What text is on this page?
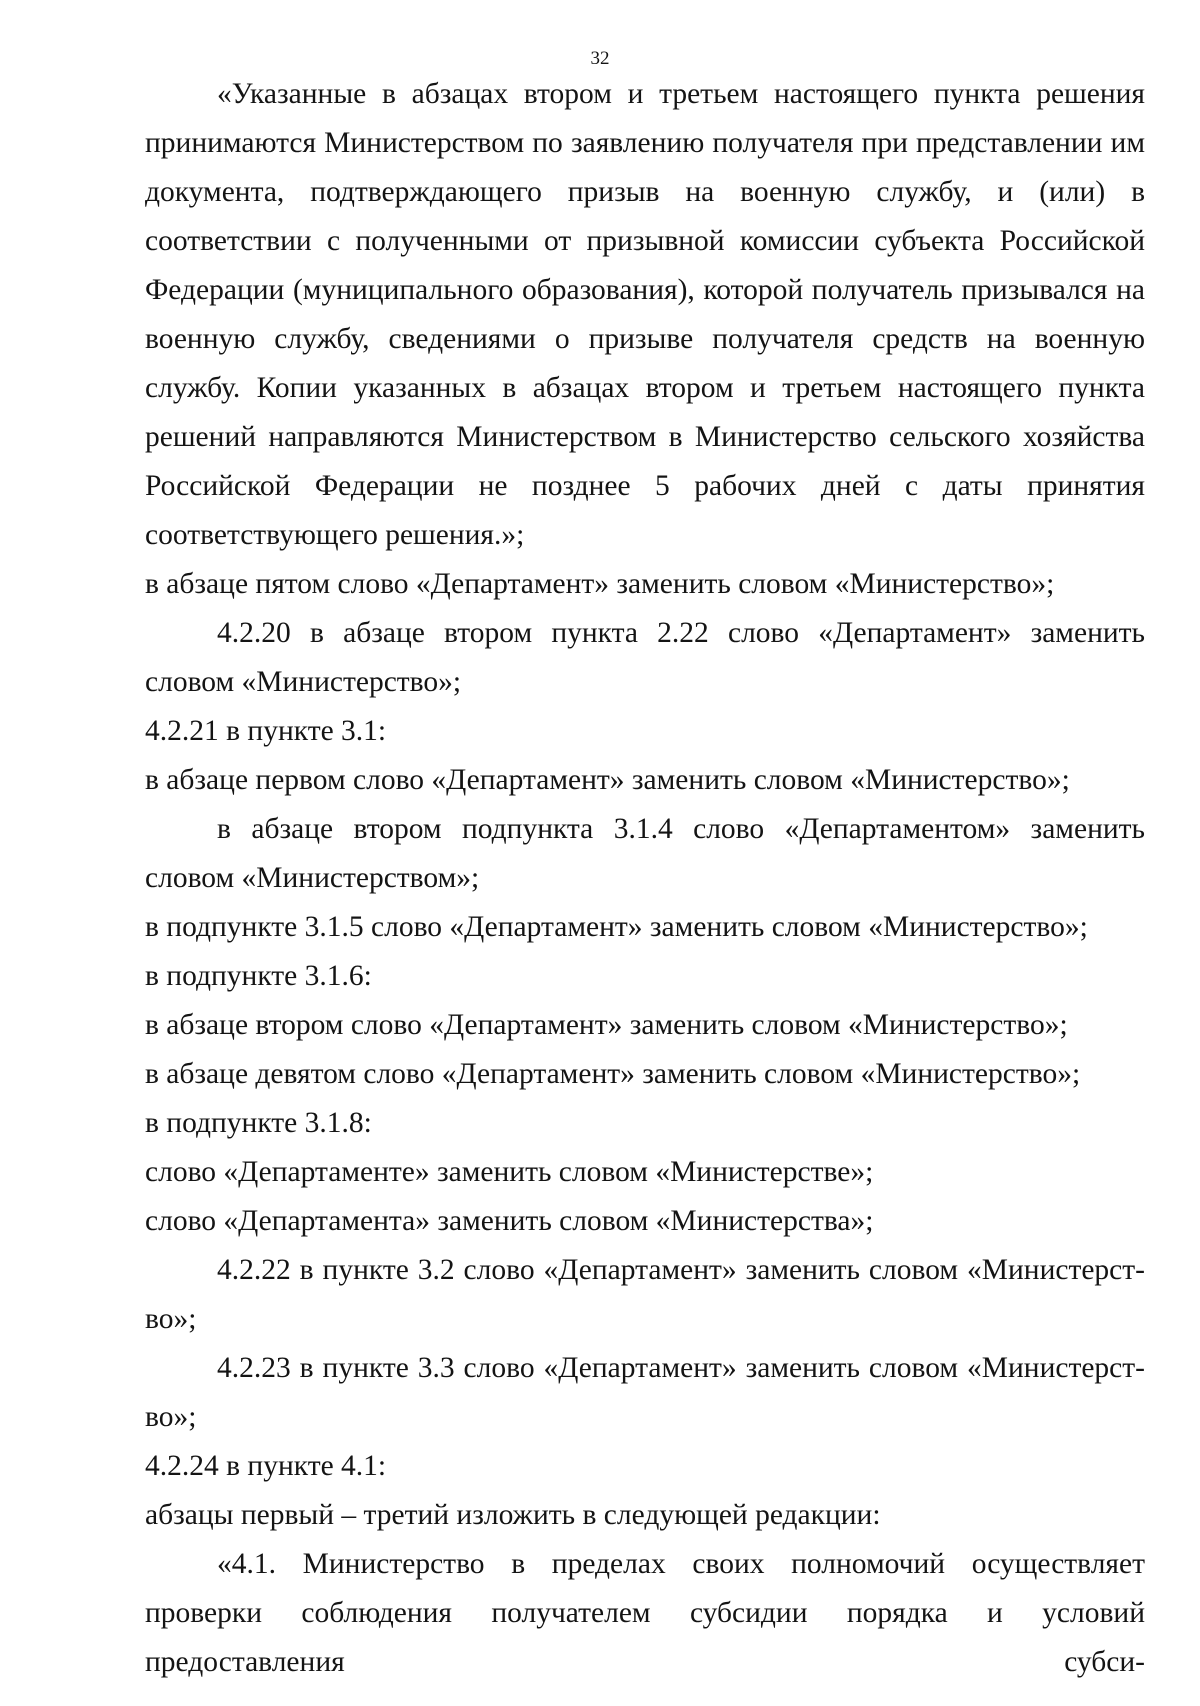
32

«Указанные в абзацах втором и третьем настоящего пункта решения принимаются Министерством по заявлению получателя при представлении им документа, подтверждающего призыв на военную службу, и (или) в соответствии с полученными от призывной комиссии субъекта Российской Федерации (муниципального образования), которой получатель призывался на военную службу, сведениями о призыве получателя средств на военную службу. Копии указанных в абзацах втором и третьем настоящего пункта решений направляются Министерством в Министерство сельского хозяйства Российской Федерации не позднее 5 рабочих дней с даты принятия соответствующего решения.»;

в абзаце пятом слово «Департамент» заменить словом «Министерство»;

4.2.20 в абзаце втором пункта 2.22 слово «Департамент» заменить словом «Министерство»;

4.2.21 в пункте 3.1:

в абзаце первом слово «Департамент» заменить словом «Министерство»;

в абзаце втором подпункта 3.1.4 слово «Департаментом» заменить словом «Министерством»;

в подпункте 3.1.5 слово «Департамент» заменить словом «Министерство»;

в подпункте 3.1.6:

в абзаце втором слово «Департамент» заменить словом «Министерство»;

в абзаце девятом слово «Департамент» заменить словом «Министерство»;

в подпункте 3.1.8:

слово «Департаменте» заменить словом «Министерстве»;

слово «Департамента» заменить словом «Министерства»;

4.2.22 в пункте 3.2 слово «Департамент» заменить словом «Министерст-

во»;

4.2.23 в пункте 3.3 слово «Департамент» заменить словом «Министерст-

во»;

4.2.24 в пункте 4.1:

абзацы первый – третий изложить в следующей редакции:

«4.1. Министерство в пределах своих полномочий осуществляет проверки соблюдения получателем субсидии порядка и условий предоставления субси-
